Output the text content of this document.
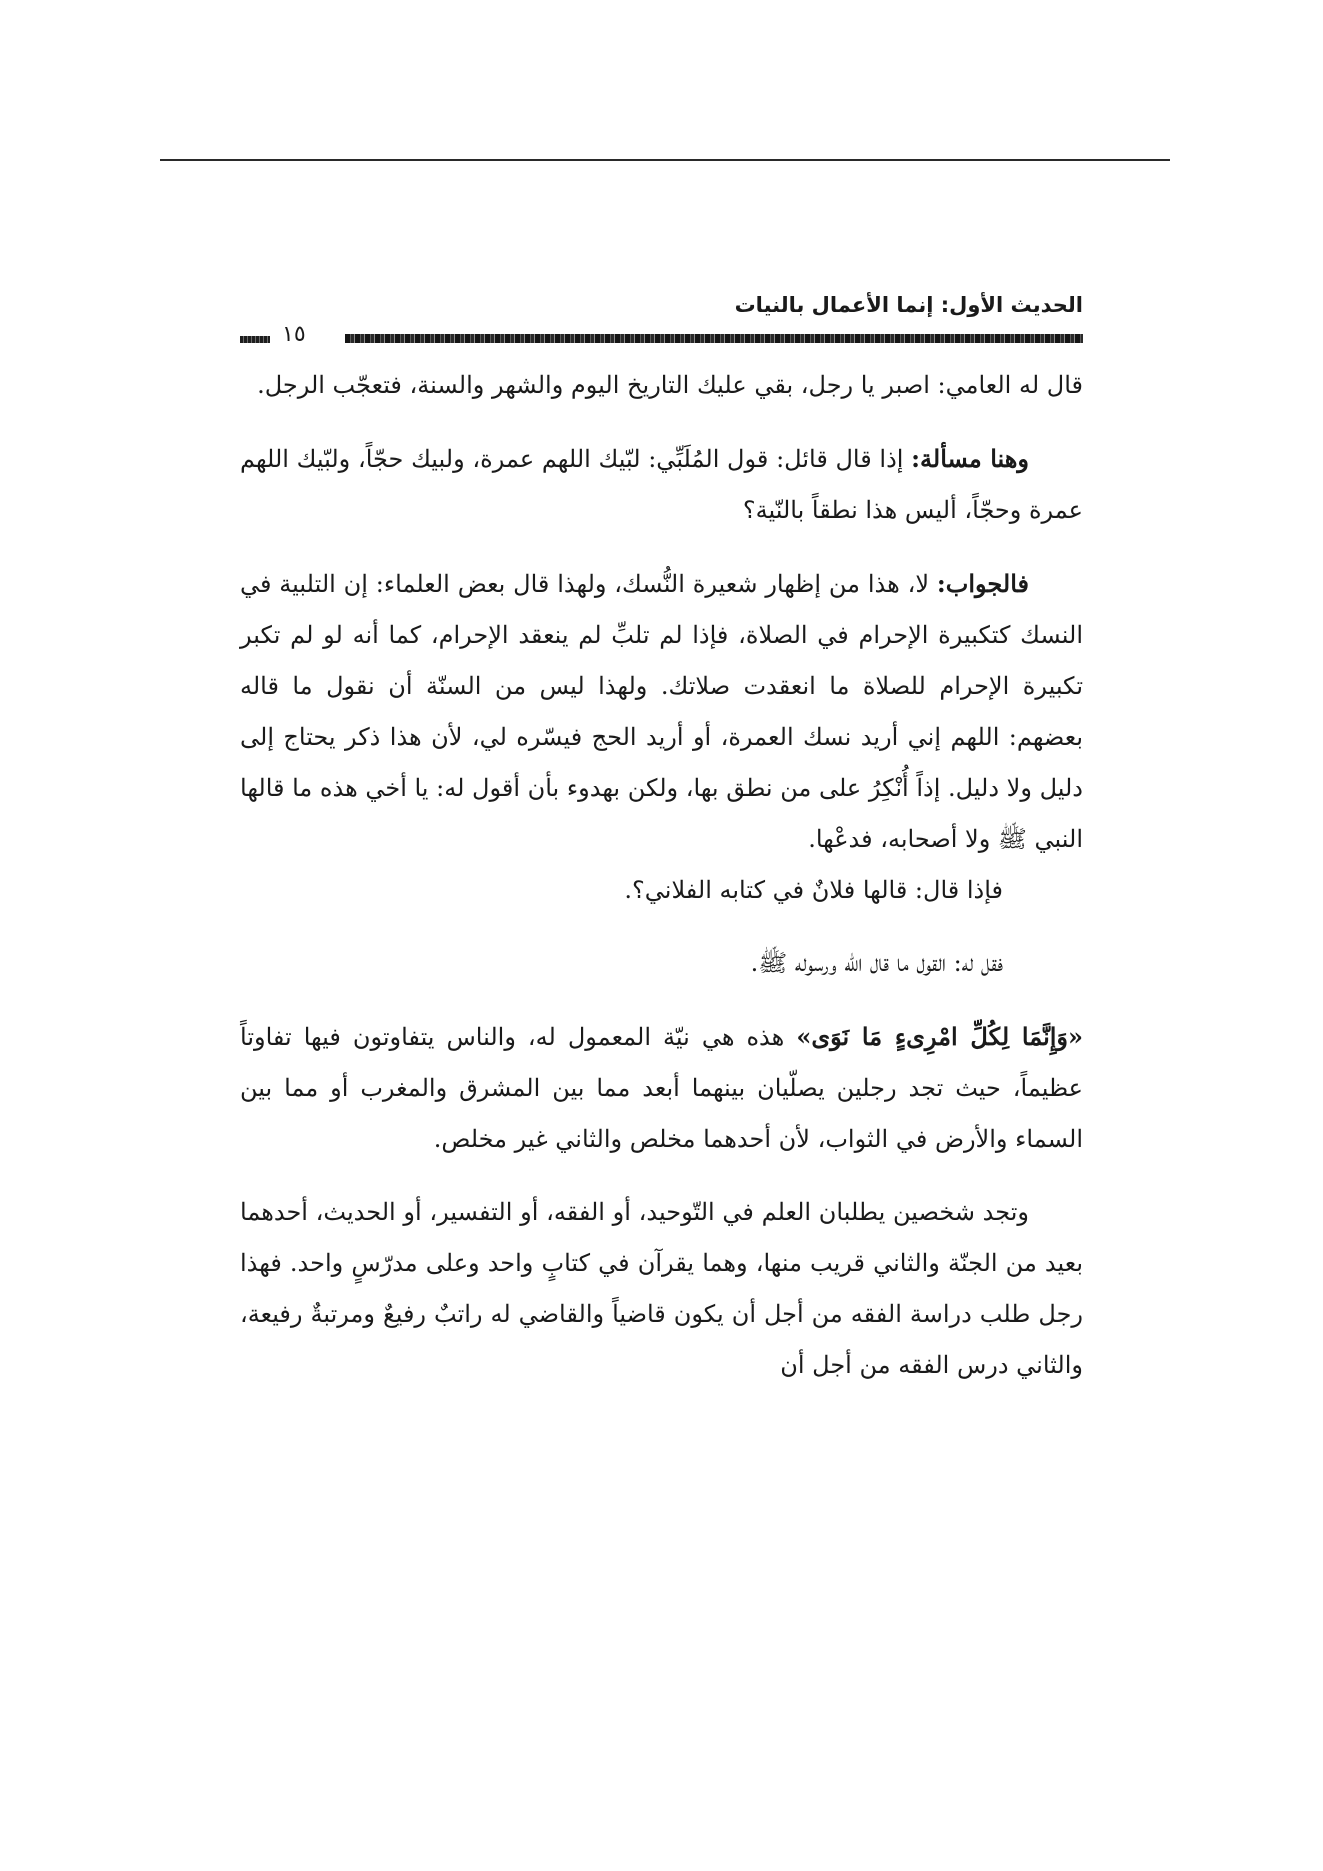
الحديث الأول: إنما الأعمال بالنيات
١٥

قال له العامي: اصبر يا رجل، بقي عليك التاريخ اليوم والشهر والسنة، فتعجّب الرجل.

وهنا مسألة: إذا قال قائل: قول المُلَبِّي: لبّيك اللهم عمرة، ولبيك حجّاً، ولبّيك اللهم عمرة وحجّاً، أليس هذا نطقاً بالنّية؟

فالجواب: لا، هذا من إظهار شعيرة النُّسك، ولهذا قال بعض العلماء: إن التلبية في النسك كتكبيرة الإحرام في الصلاة، فإذا لم تلبِّ لم ينعقد الإحرام، كما أنه لو لم تكبر تكبيرة الإحرام للصلاة ما انعقدت صلاتك. ولهذا ليس من السنّة أن نقول ما قاله بعضهم: اللهم إني أريد نسك العمرة، أو أريد الحج فيسّره لي، لأن هذا ذكر يحتاج إلى دليل ولا دليل. إذاً أُنْكِرُ على من نطق بها، ولكن بهدوء بأن أقول له: يا أخي هذه ما قالها النبي ﷺ ولا أصحابه، فدعْها.

فإذا قال: قالها فلانٌ في كتابه الفلاني؟.

فقل له: القول ما قال الله ورسوله ﷺ.

«وَإِنَّمَا لِكُلِّ امْرِىءٍ مَا نَوَى» هذه هي نيّة المعمول له، والناس يتفاوتون فيها تفاوتاً عظيماً، حيث تجد رجلين يصلّيان بينهما أبعد مما بين المشرق والمغرب أو مما بين السماء والأرض في الثواب، لأن أحدهما مخلص والثاني غير مخلص.

وتجد شخصين يطلبان العلم في التّوحيد، أو الفقه، أو التفسير، أو الحديث، أحدهما بعيد من الجنّة والثاني قريب منها، وهما يقرآن في كتابٍ واحد وعلى مدرّسٍ واحد. فهذا رجل طلب دراسة الفقه من أجل أن يكون قاضياً والقاضي له راتبٌ رفيعٌ ومرتبةٌ رفيعة، والثاني درس الفقه من أجل أن
